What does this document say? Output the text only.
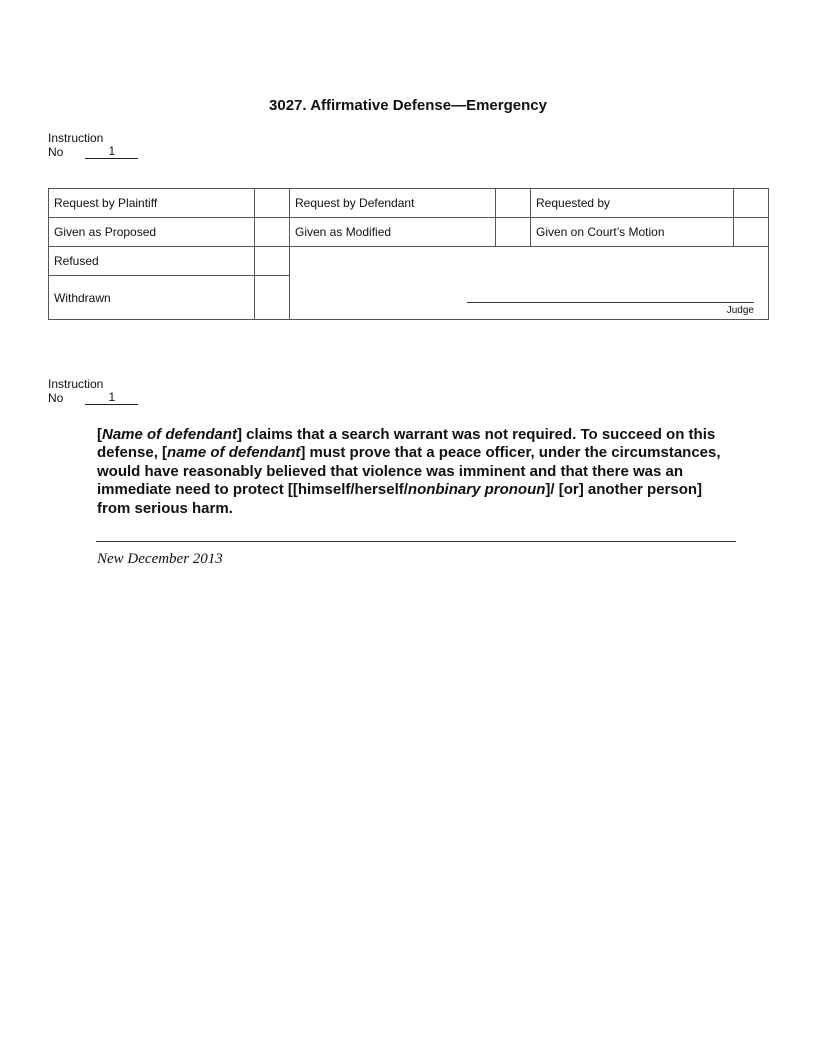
3027. Affirmative Defense—Emergency
Instruction
No	1
Request by Plaintiff		Request by Defendant		Requested by	
Given as Proposed		Given as Modified		Given on Court’s Motion	
Refused		Judge			

Withdrawn					
Instruction
No	1

[Name of defendant] claims that a search warrant was not required. To succeed on this defense, [name of defendant] must prove that a peace officer, under the circumstances, would have reasonably believed that violence was imminent and that there was an immediate need to protect [[himself/herself/nonbinary pronoun]/ [or] another person] from serious harm.

New December 2013
